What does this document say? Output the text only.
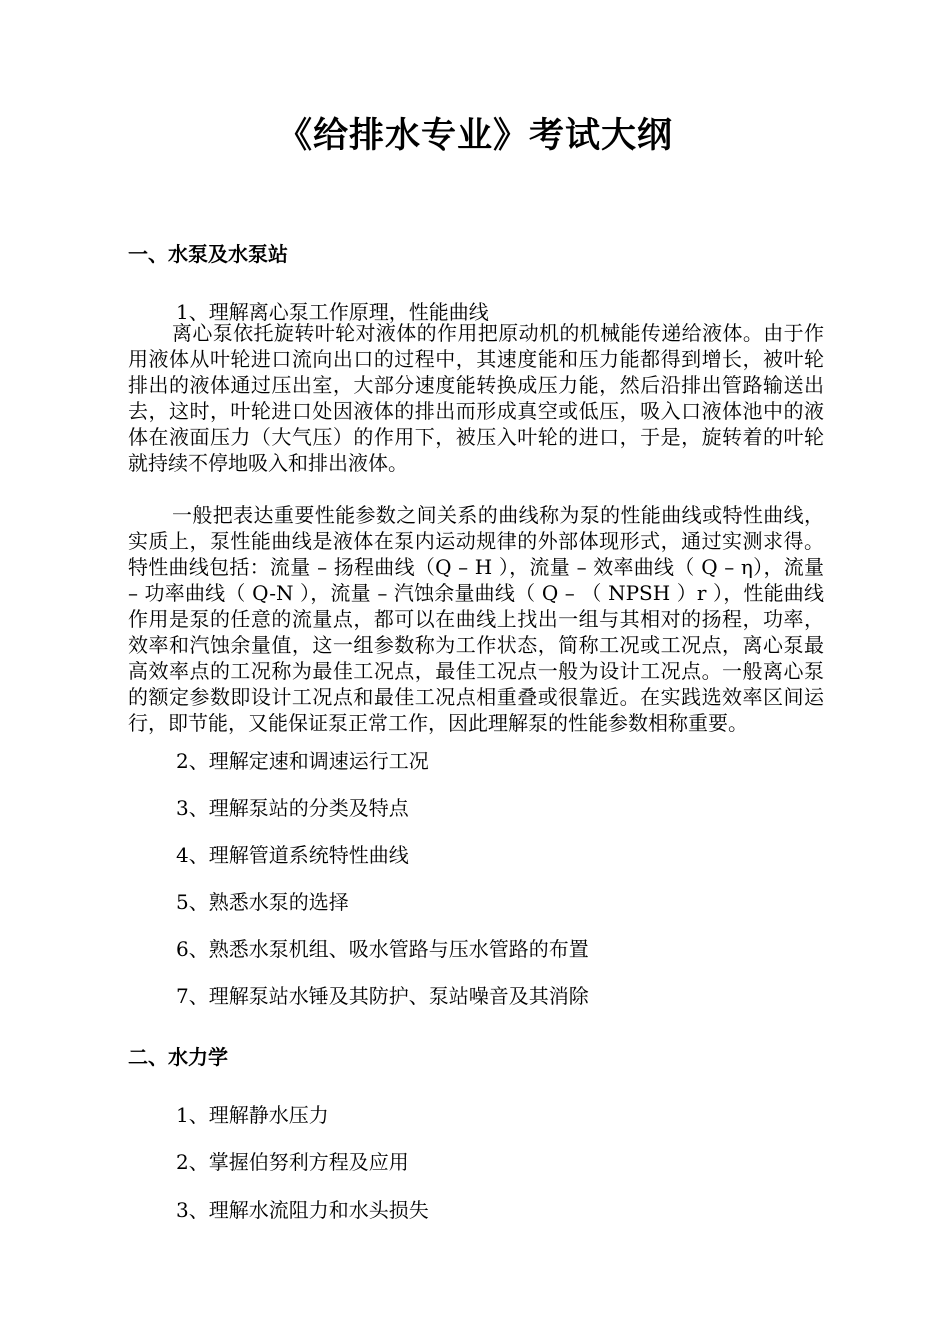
《给排水专业》考试大纲
一、水泵及水泵站
1、理解离心泵工作原理，性能曲线
离心泵依托旋转叶轮对液体的作用把原动机的机械能传递给液体。由于作用液体从叶轮进口流向出口的过程中，其速度能和压力能都得到增长，被叶轮排出的液体通过压出室，大部分速度能转换成压力能，然后沿排出管路输送出去，这时，叶轮进口处因液体的排出而形成真空或低压，吸入口液体池中的液体在液面压力（大气压）的作用下，被压入叶轮的进口，于是，旋转着的叶轮就持续不停地吸入和排出液体。
一般把表达重要性能参数之间关系的曲线称为泵的性能曲线或特性曲线，实质上，泵性能曲线是液体在泵内运动规律的外部体现形式，通过实测求得。特性曲线包括：流量 – 扬程曲线（Q – H ），流量 – 效率曲线（ Q – η），流量 – 功率曲线（ Q-N ），流量 – 汽蚀余量曲线（ Q – （ NPSH ）r ），性能曲线作用是泵的任意的流量点，都可以在曲线上找出一组与其相对的扬程，功率，效率和汽蚀余量值，这一组参数称为工作状态，简称工况或工况点，离心泵最高效率点的工况称为最佳工况点，最佳工况点一般为设计工况点。一般离心泵的额定参数即设计工况点和最佳工况点相重叠或很靠近。在实践选效率区间运行，即节能，又能保证泵正常工作，因此理解泵的性能参数相称重要。
2、理解定速和调速运行工况
3、理解泵站的分类及特点
4、理解管道系统特性曲线
5、熟悉水泵的选择
6、熟悉水泵机组、吸水管路与压水管路的布置
7、理解泵站水锤及其防护、泵站噪音及其消除
二、水力学
1、理解静水压力
2、掌握伯努利方程及应用
3、理解水流阻力和水头损失
